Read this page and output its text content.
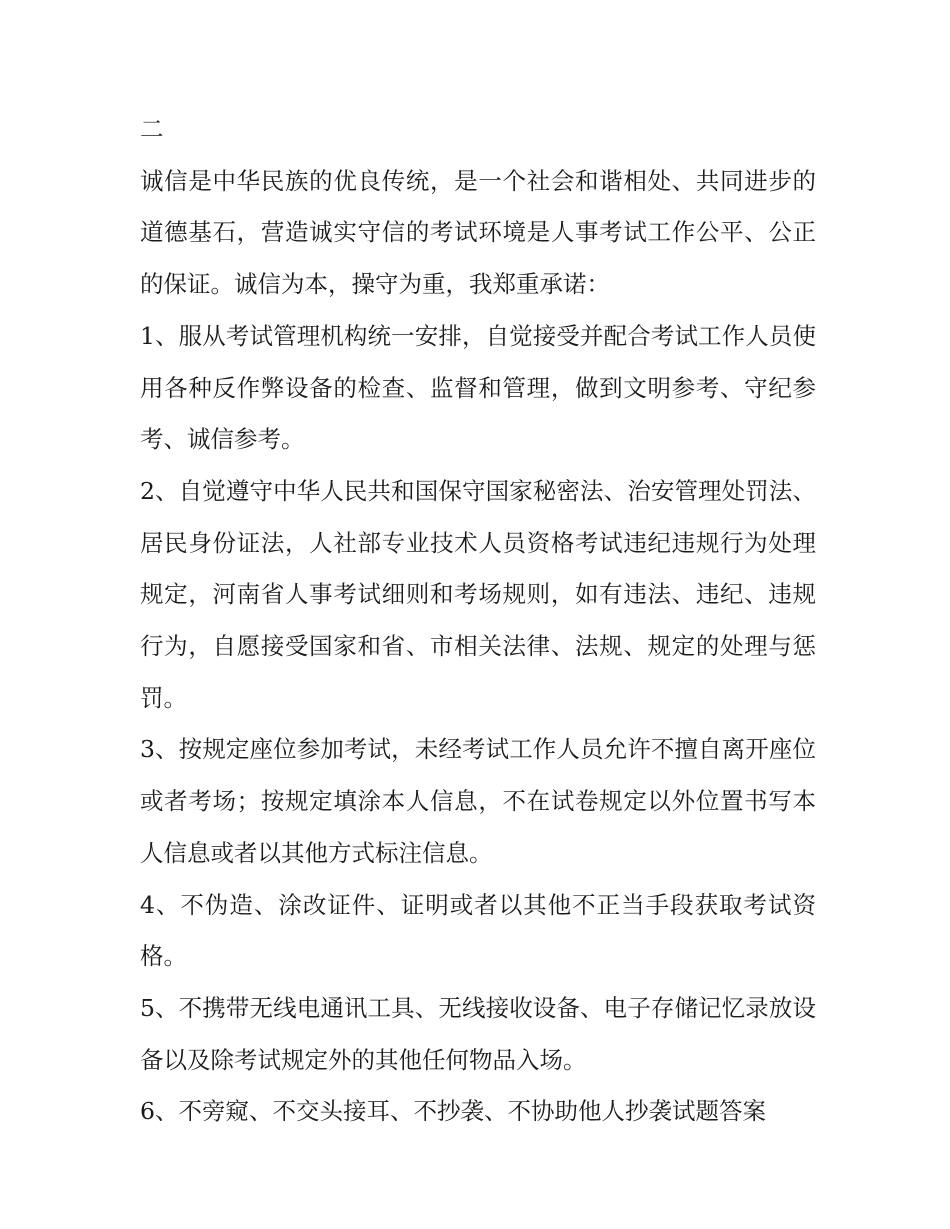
二

诚信是中华民族的优良传统，是一个社会和谐相处、共同进步的道德基石，营造诚实守信的考试环境是人事考试工作公平、公正的保证。诚信为本，操守为重，我郑重承诺：

1、服从考试管理机构统一安排，自觉接受并配合考试工作人员使用各种反作弊设备的检查、监督和管理，做到文明参考、守纪参考、诚信参考。

2、自觉遵守中华人民共和国保守国家秘密法、治安管理处罚法、居民身份证法，人社部专业技术人员资格考试违纪违规行为处理规定，河南省人事考试细则和考场规则，如有违法、违纪、违规行为，自愿接受国家和省、市相关法律、法规、规定的处理与惩罚。

3、按规定座位参加考试，未经考试工作人员允许不擅自离开座位或者考场；按规定填涂本人信息，不在试卷规定以外位置书写本人信息或者以其他方式标注信息。

4、不伪造、涂改证件、证明或者以其他不正当手段获取考试资格。

5、不携带无线电通讯工具、无线接收设备、电子存储记忆录放设备以及除考试规定外的其他任何物品入场。

6、不旁窥、不交头接耳、不抄袭、不协助他人抄袭试题答案
